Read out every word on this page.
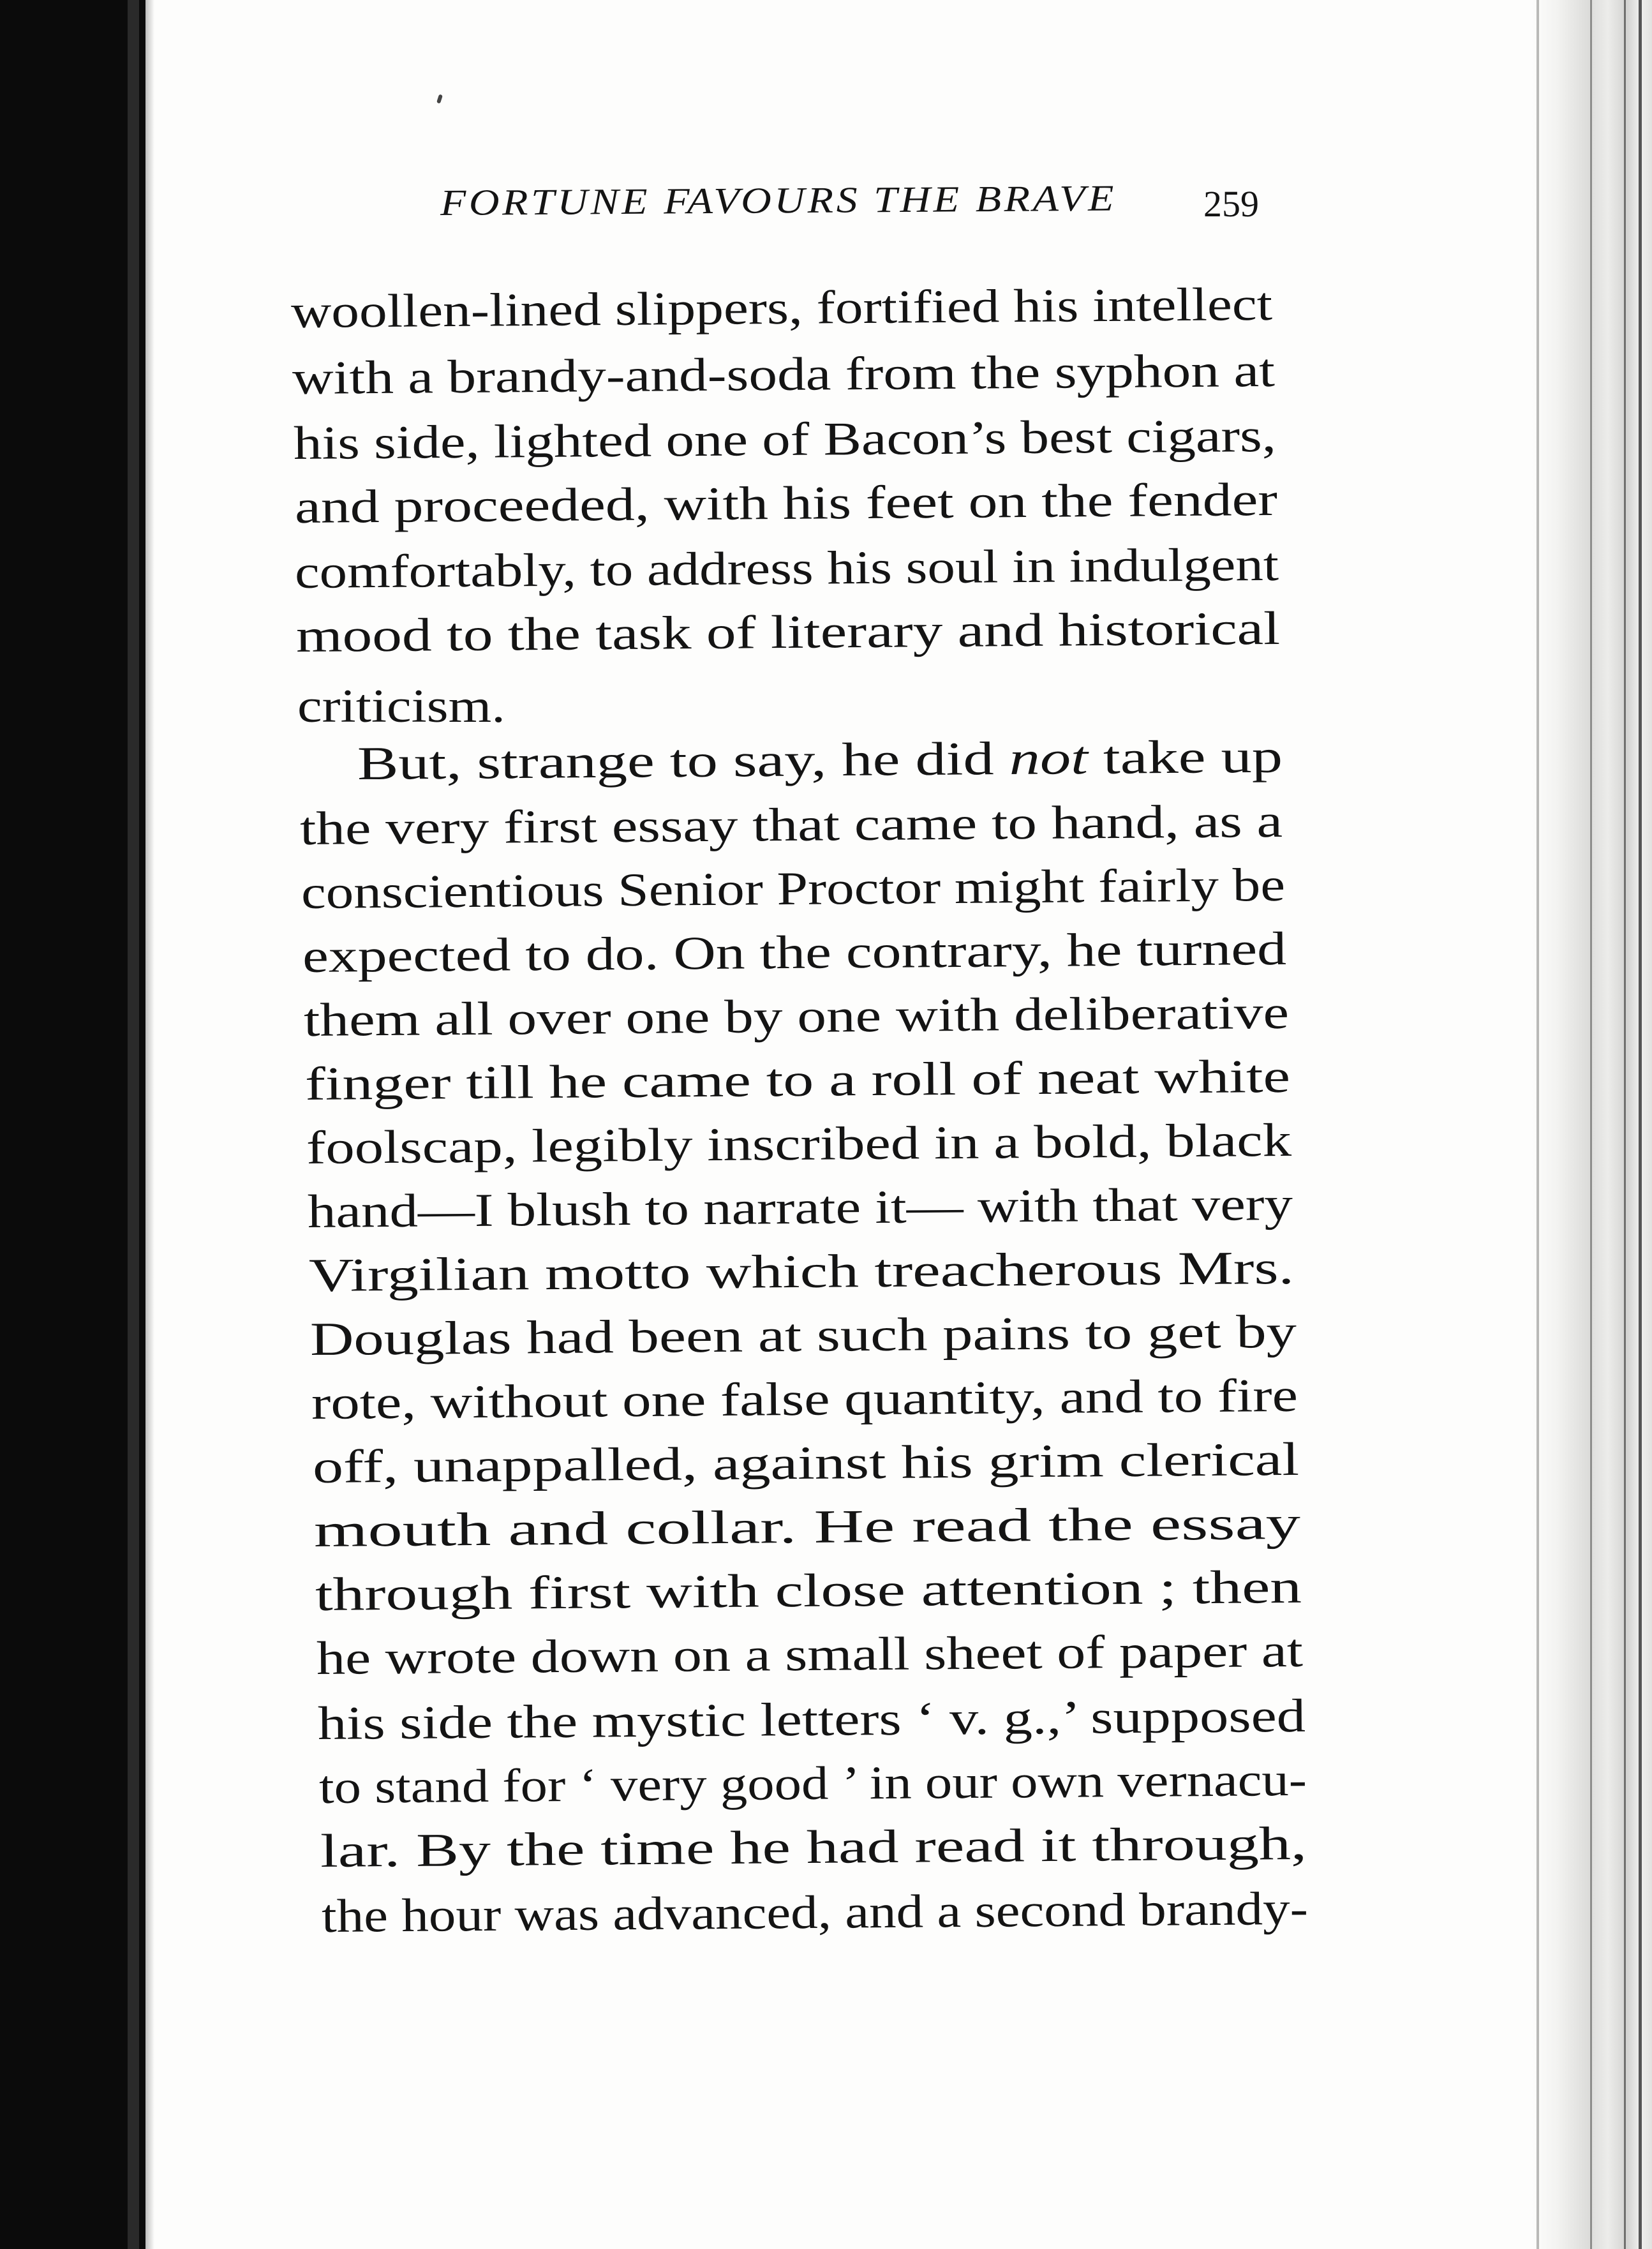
FORTUNE FAVOURS THE BRAVE 259
woollen-lined slippers, fortified his intellect
with a brandy-and-soda from the syphon at
his side, lighted one of Bacon’s best cigars,
and proceeded, with his feet on the fender
comfortably, to address his soul in indulgent
mood to the task of literary and historical
criticism.
But, strange to say, he did not take up
the very first essay that came to hand, as a
conscientious Senior Proctor might fairly be
expected to do. On the contrary, he turned
them all over one by one with deliberative
finger till he came to a roll of neat white
foolscap, legibly inscribed in a bold, black
hand—I blush to narrate it— with that very
Virgilian motto which treacherous Mrs.
Douglas had been at such pains to get by
rote, without one false quantity, and to fire
off, unappalled, against his grim clerical
mouth and collar. He read the essay
through first with close attention ; then
he wrote down on a small sheet of paper at
his side the mystic letters ‘ v. g.,’ supposed
to stand for ‘ very good ’ in our own vernacu-
lar. By the time he had read it through,
the hour was advanced, and a second brandy-
